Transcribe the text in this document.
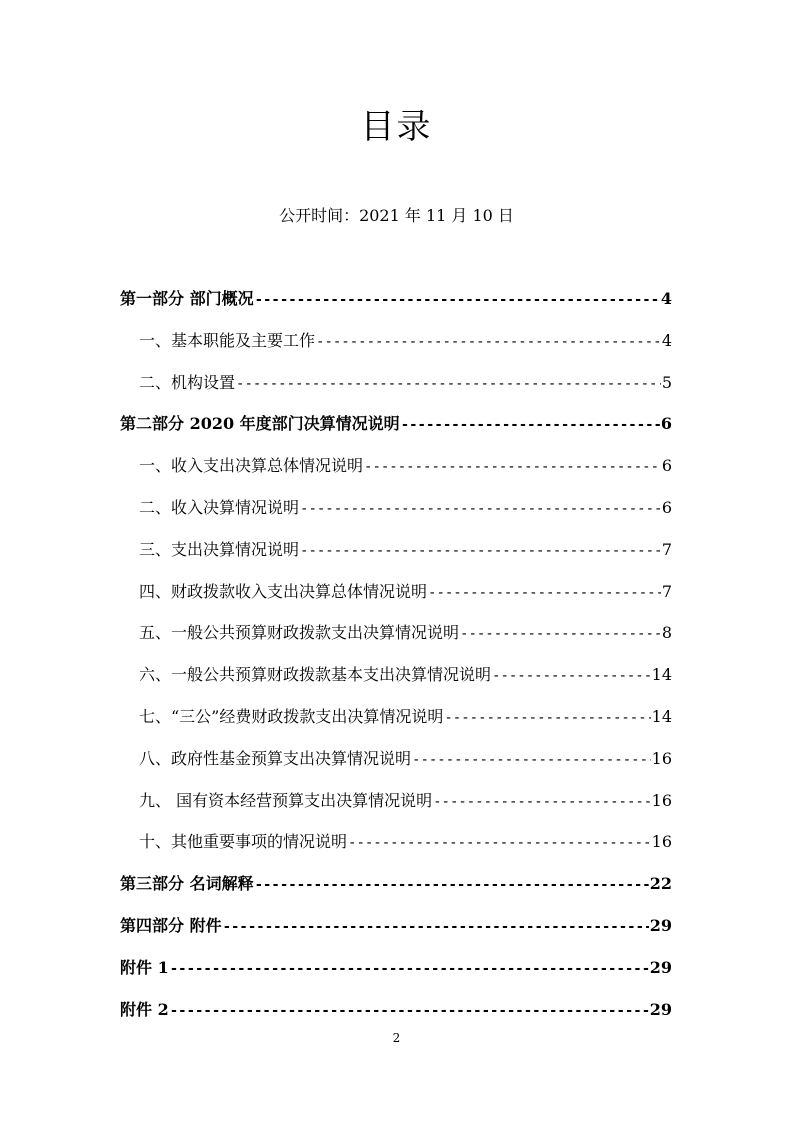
目录
公开时间：2021 年 11 月 10 日
第一部分 部门概况 -----	4
一、基本职能及主要工作 -----	4
二、机构设置 -----	5
第二部分 2020 年度部门决算情况说明 -----	6
一、收入支出决算总体情况说明 -----	6
二、收入决算情况说明 -----	6
三、支出决算情况说明 -----	7
四、财政拨款收入支出决算总体情况说明 -----	7
五、一般公共预算财政拨款支出决算情况说明 -----	8
六、一般公共预算财政拨款基本支出决算情况说明 -----	14
七、“三公”经费财政拨款支出决算情况说明 -----	14
八、政府性基金预算支出决算情况说明 -----	16
九、 国有资本经营预算支出决算情况说明 -----	16
十、其他重要事项的情况说明 -----	16
第三部分 名词解释 -----	22
第四部分 附件 -----	29
附件 1 -----	29
附件 2 -----	29
2
